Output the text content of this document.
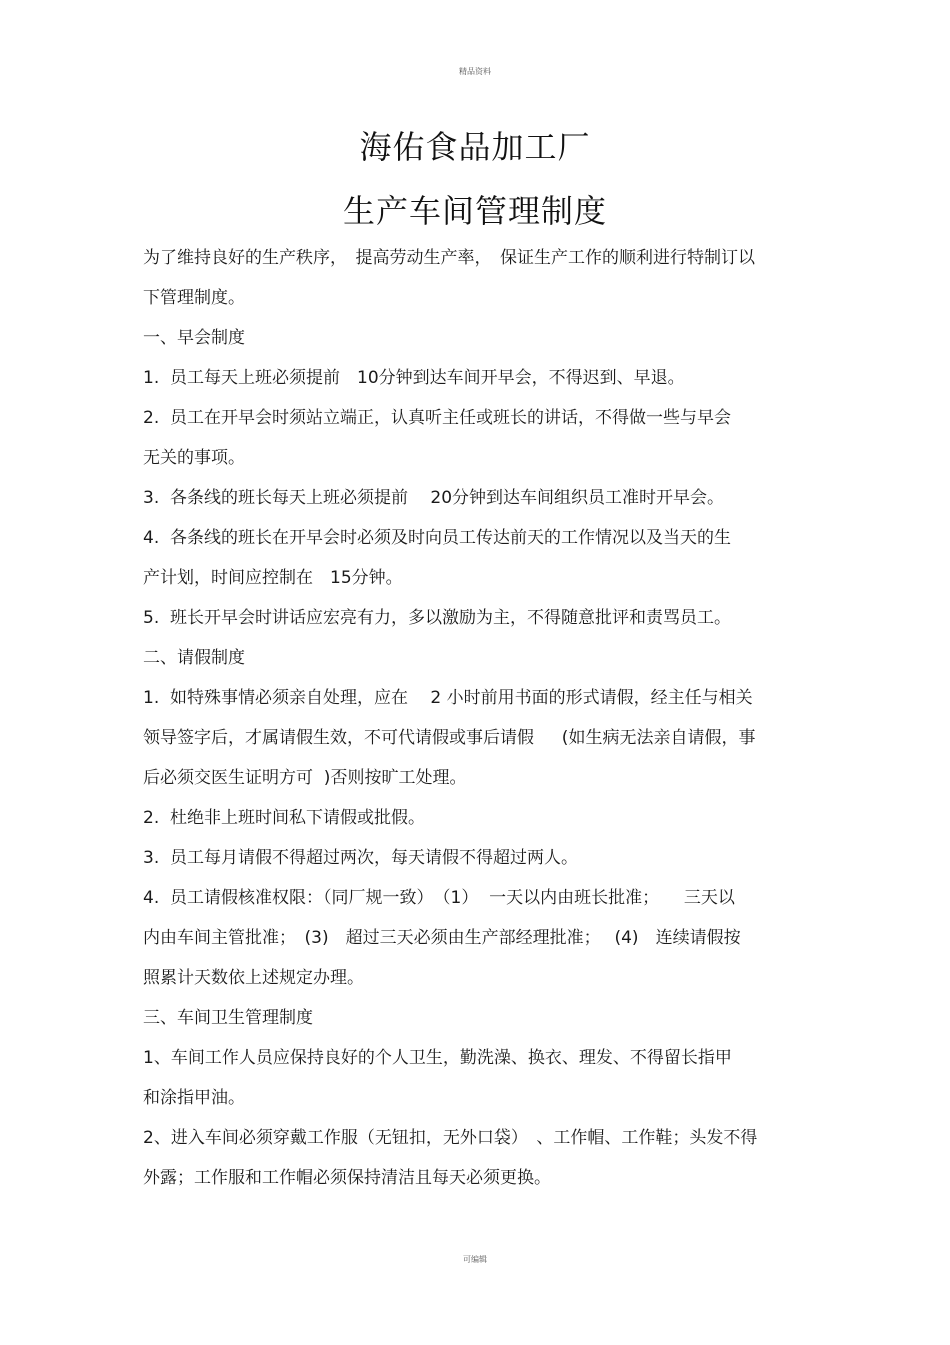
精品资料
海佑食品加工厂
生产车间管理制度
为了维持良好的生产秩序，　提高劳动生产率，　保证生产工作的顺利进行特制订以
下管理制度。
一、早会制度
1.  员工每天上班必须提前　10分钟到达车间开早会，不得迟到、早退。
2.  员工在开早会时须站立端正，认真听主任或班长的讲话，不得做一些与早会
无关的事项。
3.  各条线的班长每天上班必须提前　 20分钟到达车间组织员工准时开早会。
4.  各条线的班长在开早会时必须及时向员工传达前天的工作情况以及当天的生
产计划，时间应控制在　15分钟。
5.  班长开早会时讲话应宏亮有力，多以激励为主，不得随意批评和责骂员工。
二、请假制度
1.  如特殊事情必须亲自处理，应在　 2 小时前用书面的形式请假，经主任与相关
领导签字后，才属请假生效，不可代请假或事后请假　  (如生病无法亲自请假，事
后必须交医生证明方可  )否则按旷工处理。
2.  杜绝非上班时间私下请假或批假。
3.  员工每月请假不得超过两次，每天请假不得超过两人。
4.  员工请假核准权限：（同厂规一致）　（1）  一天以内由班长批准；　   三天以
内由车间主管批准；　(3)　超过三天必须由生产部经理批准；　 (4)　连续请假按
照累计天数依上述规定办理。
三、车间卫生管理制度
1、车间工作人员应保持良好的个人卫生，勤洗澡、换衣、理发、不得留长指甲
和涂指甲油。
2、进入车间必须穿戴工作服（无钮扣，无外口袋）　、工作帽、工作鞋；头发不得
外露；工作服和工作帽必须保持清洁且每天必须更换。
可编辑
